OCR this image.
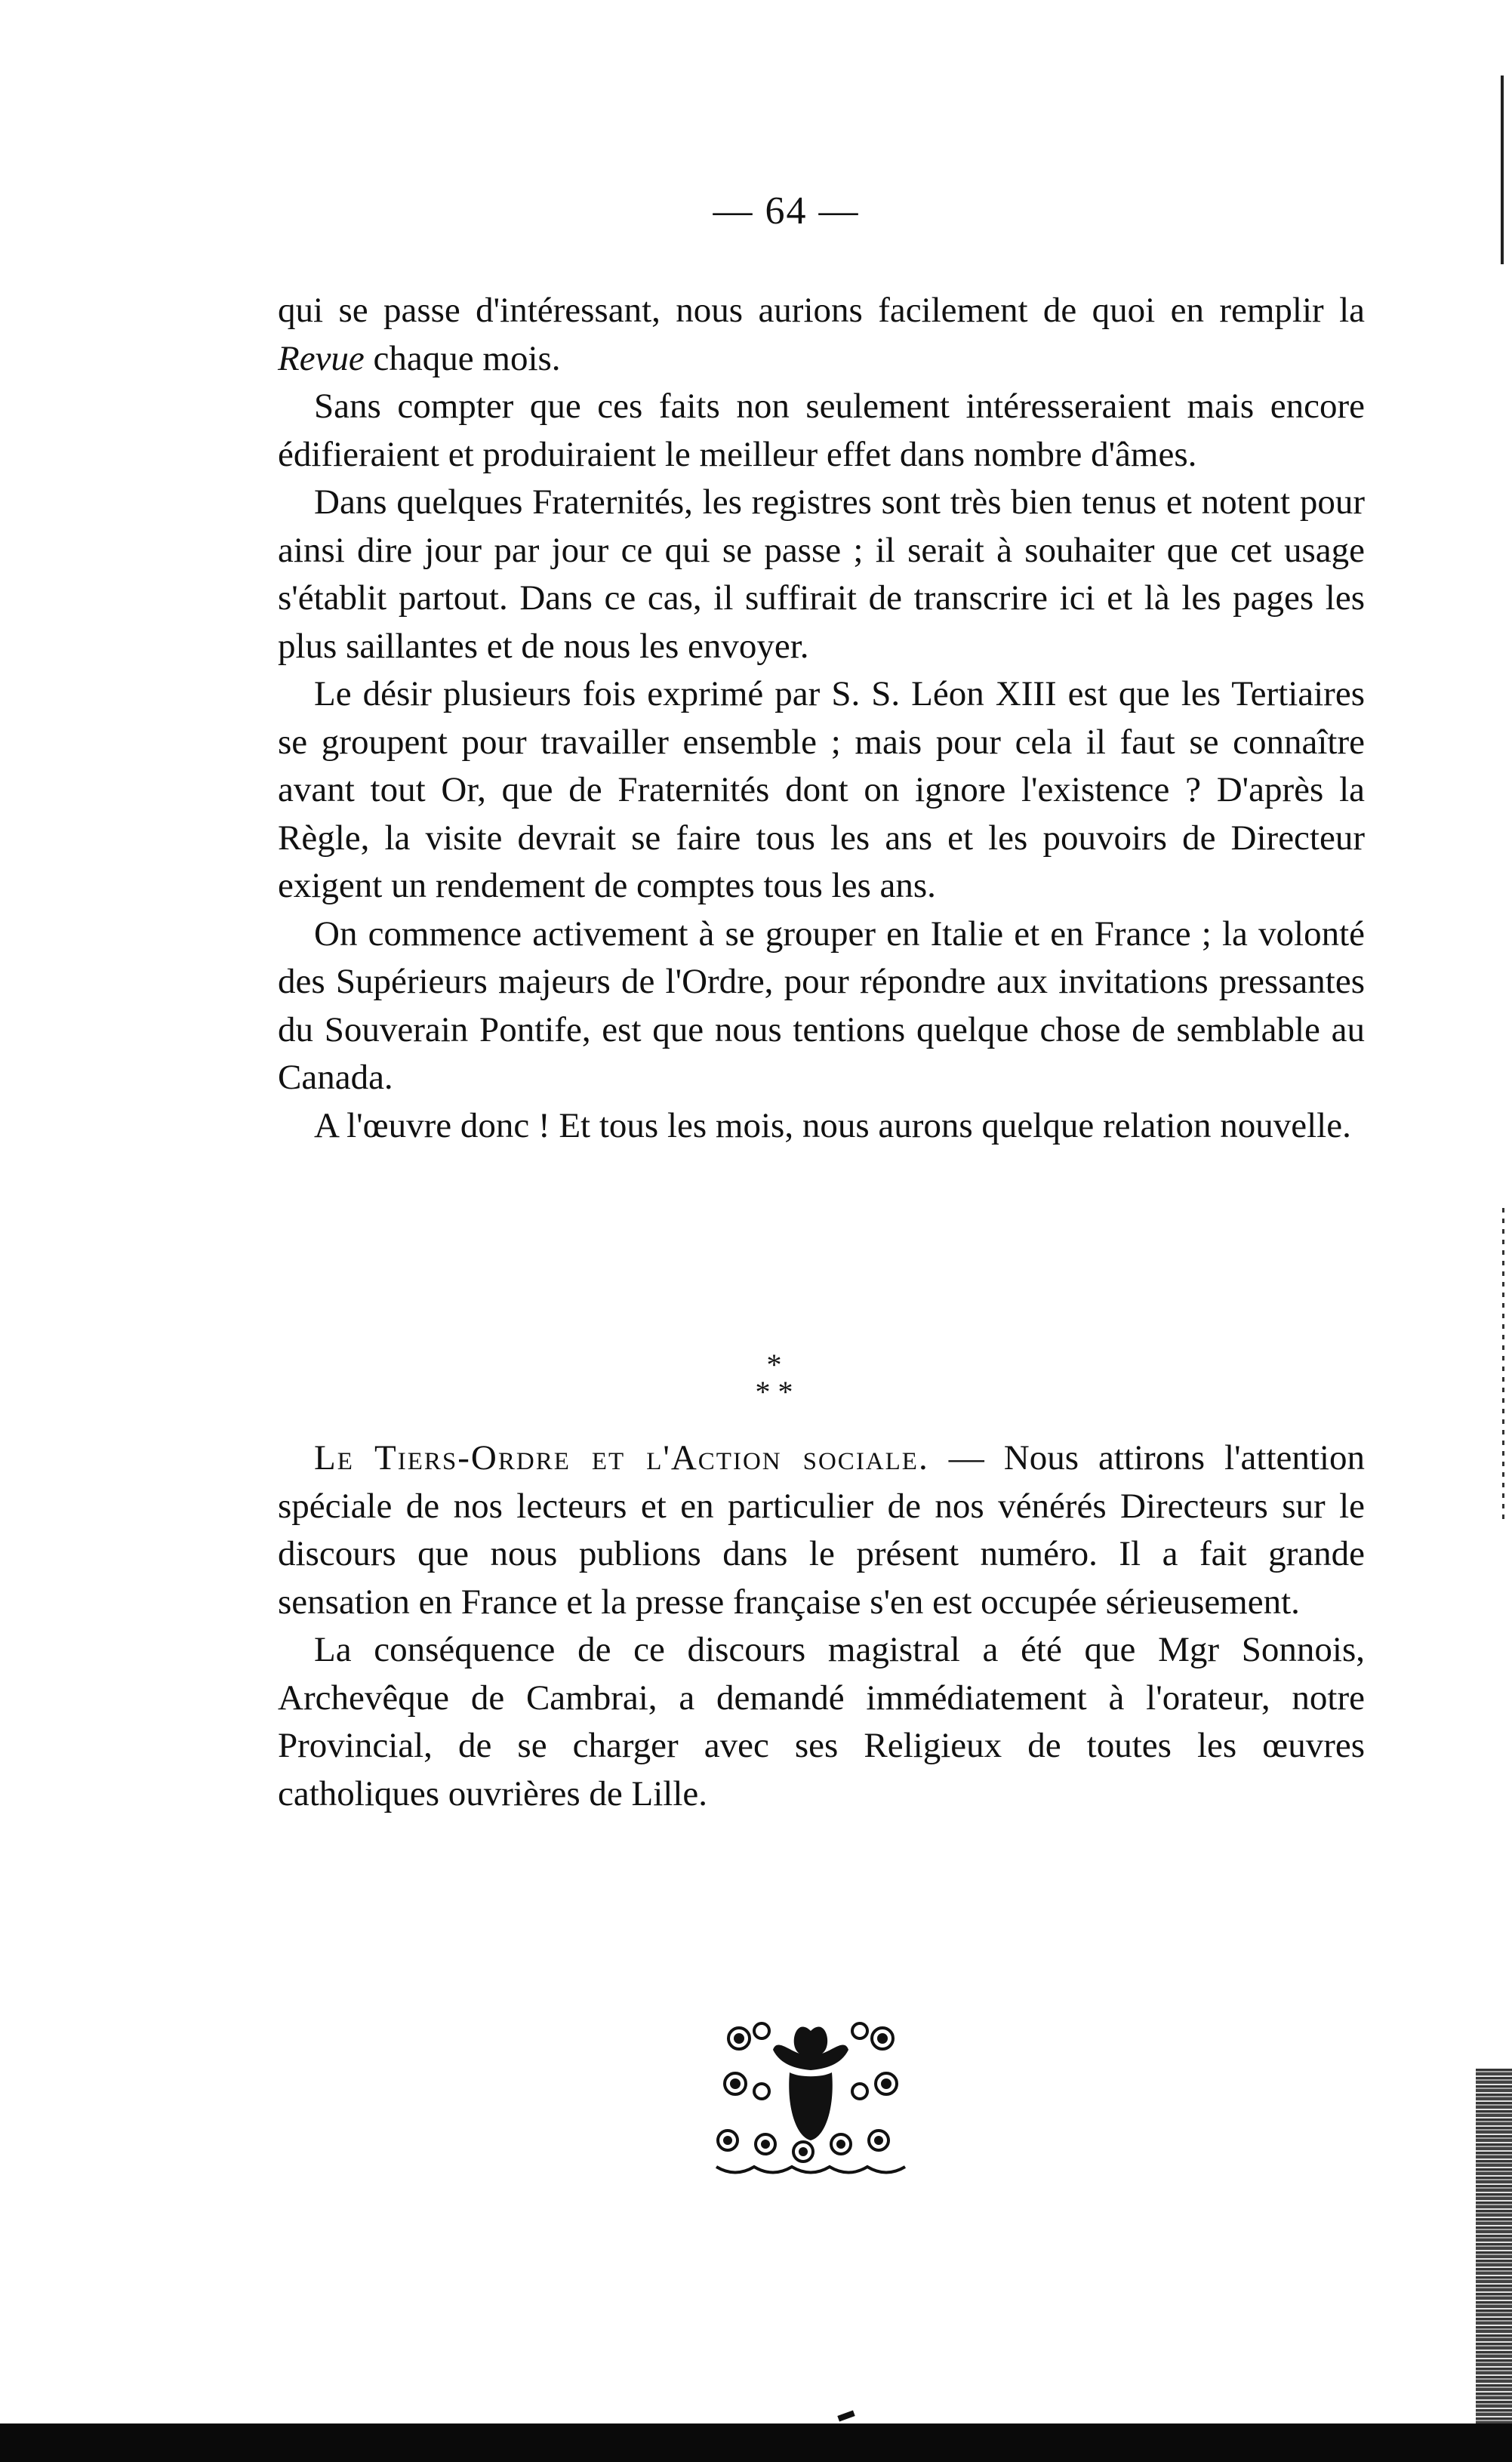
— 64 —

qui se passe d'intéressant, nous aurions facilement de quoi en remplir la Revue chaque mois.

Sans compter que ces faits non seulement intéresseraient mais encore édifieraient et produiraient le meilleur effet dans nombre d'âmes.

Dans quelques Fraternités, les registres sont très bien tenus et notent pour ainsi dire jour par jour ce qui se passe ; il serait à souhaiter que cet usage s'établit partout. Dans ce cas, il suffirait de transcrire ici et là les pages les plus saillantes et de nous les envoyer.

Le désir plusieurs fois exprimé par S. S. Léon XIII est que les Tertiaires se groupent pour travailler ensemble ; mais pour cela il faut se connaître avant tout Or, que de Fraternités dont on ignore l'existence ? D'après la Règle, la visite devrait se faire tous les ans et les pouvoirs de Directeur exigent un rendement de comptes tous les ans.

On commence activement à se grouper en Italie et en France ; la volonté des Supérieurs majeurs de l'Ordre, pour répondre aux invitations pressantes du Souverain Pontife, est que nous tentions quelque chose de semblable au Canada.

A l'œuvre donc ! Et tous les mois, nous aurons quelque relation nouvelle.

*
* *

Le Tiers-Ordre et l'Action sociale. — Nous attirons l'attention spéciale de nos lecteurs et en particulier de nos vénérés Directeurs sur le discours que nous publions dans le présent numéro. Il a fait grande sensation en France et la presse française s'en est occupée sérieusement.

La conséquence de ce discours magistral a été que Mgr Sonnois, Archevêque de Cambrai, a demandé immédiatement à l'orateur, notre Provincial, de se charger avec ses Religieux de toutes les œuvres catholiques ouvrières de Lille.
